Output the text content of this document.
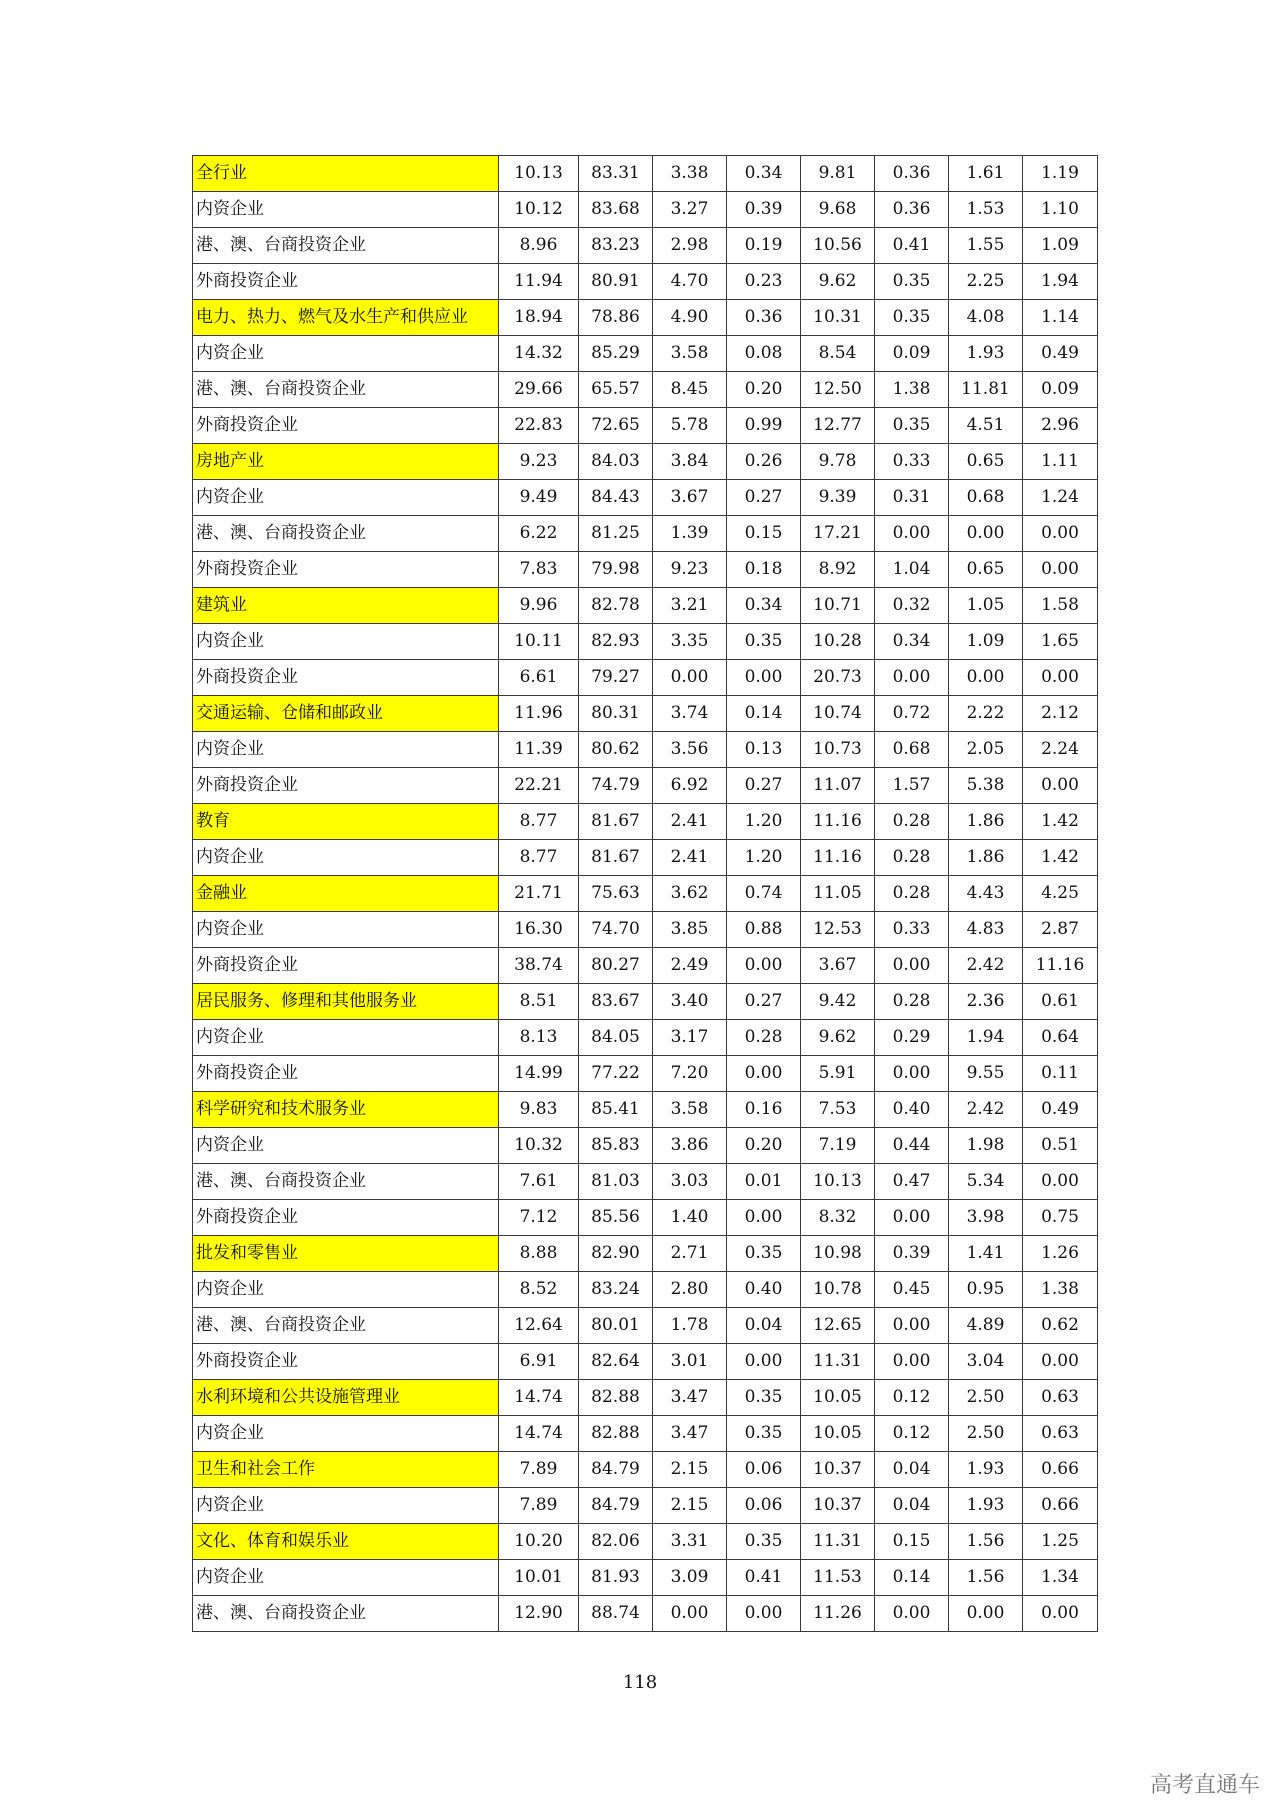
全行业	10.13	83.31	3.38	0.34	9.81	0.36	1.61	1.19
内资企业	10.12	83.68	3.27	0.39	9.68	0.36	1.53	1.10
港、澳、台商投资企业	8.96	83.23	2.98	0.19	10.56	0.41	1.55	1.09
外商投资企业	11.94	80.91	4.70	0.23	9.62	0.35	2.25	1.94
电力、热力、燃气及水生产和供应业	18.94	78.86	4.90	0.36	10.31	0.35	4.08	1.14
内资企业	14.32	85.29	3.58	0.08	8.54	0.09	1.93	0.49
港、澳、台商投资企业	29.66	65.57	8.45	0.20	12.50	1.38	11.81	0.09
外商投资企业	22.83	72.65	5.78	0.99	12.77	0.35	4.51	2.96
房地产业	9.23	84.03	3.84	0.26	9.78	0.33	0.65	1.11
内资企业	9.49	84.43	3.67	0.27	9.39	0.31	0.68	1.24
港、澳、台商投资企业	6.22	81.25	1.39	0.15	17.21	0.00	0.00	0.00
外商投资企业	7.83	79.98	9.23	0.18	8.92	1.04	0.65	0.00
建筑业	9.96	82.78	3.21	0.34	10.71	0.32	1.05	1.58
内资企业	10.11	82.93	3.35	0.35	10.28	0.34	1.09	1.65
外商投资企业	6.61	79.27	0.00	0.00	20.73	0.00	0.00	0.00
交通运输、仓储和邮政业	11.96	80.31	3.74	0.14	10.74	0.72	2.22	2.12
内资企业	11.39	80.62	3.56	0.13	10.73	0.68	2.05	2.24
外商投资企业	22.21	74.79	6.92	0.27	11.07	1.57	5.38	0.00
教育	8.77	81.67	2.41	1.20	11.16	0.28	1.86	1.42
内资企业	8.77	81.67	2.41	1.20	11.16	0.28	1.86	1.42
金融业	21.71	75.63	3.62	0.74	11.05	0.28	4.43	4.25
内资企业	16.30	74.70	3.85	0.88	12.53	0.33	4.83	2.87
外商投资企业	38.74	80.27	2.49	0.00	3.67	0.00	2.42	11.16
居民服务、修理和其他服务业	8.51	83.67	3.40	0.27	9.42	0.28	2.36	0.61
内资企业	8.13	84.05	3.17	0.28	9.62	0.29	1.94	0.64
外商投资企业	14.99	77.22	7.20	0.00	5.91	0.00	9.55	0.11
科学研究和技术服务业	9.83	85.41	3.58	0.16	7.53	0.40	2.42	0.49
内资企业	10.32	85.83	3.86	0.20	7.19	0.44	1.98	0.51
港、澳、台商投资企业	7.61	81.03	3.03	0.01	10.13	0.47	5.34	0.00
外商投资企业	7.12	85.56	1.40	0.00	8.32	0.00	3.98	0.75
批发和零售业	8.88	82.90	2.71	0.35	10.98	0.39	1.41	1.26
内资企业	8.52	83.24	2.80	0.40	10.78	0.45	0.95	1.38
港、澳、台商投资企业	12.64	80.01	1.78	0.04	12.65	0.00	4.89	0.62
外商投资企业	6.91	82.64	3.01	0.00	11.31	0.00	3.04	0.00
水利环境和公共设施管理业	14.74	82.88	3.47	0.35	10.05	0.12	2.50	0.63
内资企业	14.74	82.88	3.47	0.35	10.05	0.12	2.50	0.63
卫生和社会工作	7.89	84.79	2.15	0.06	10.37	0.04	1.93	0.66
内资企业	7.89	84.79	2.15	0.06	10.37	0.04	1.93	0.66
文化、体育和娱乐业	10.20	82.06	3.31	0.35	11.31	0.15	1.56	1.25
内资企业	10.01	81.93	3.09	0.41	11.53	0.14	1.56	1.34
港、澳、台商投资企业	12.90	88.74	0.00	0.00	11.26	0.00	0.00	0.00
118
高考直通车
